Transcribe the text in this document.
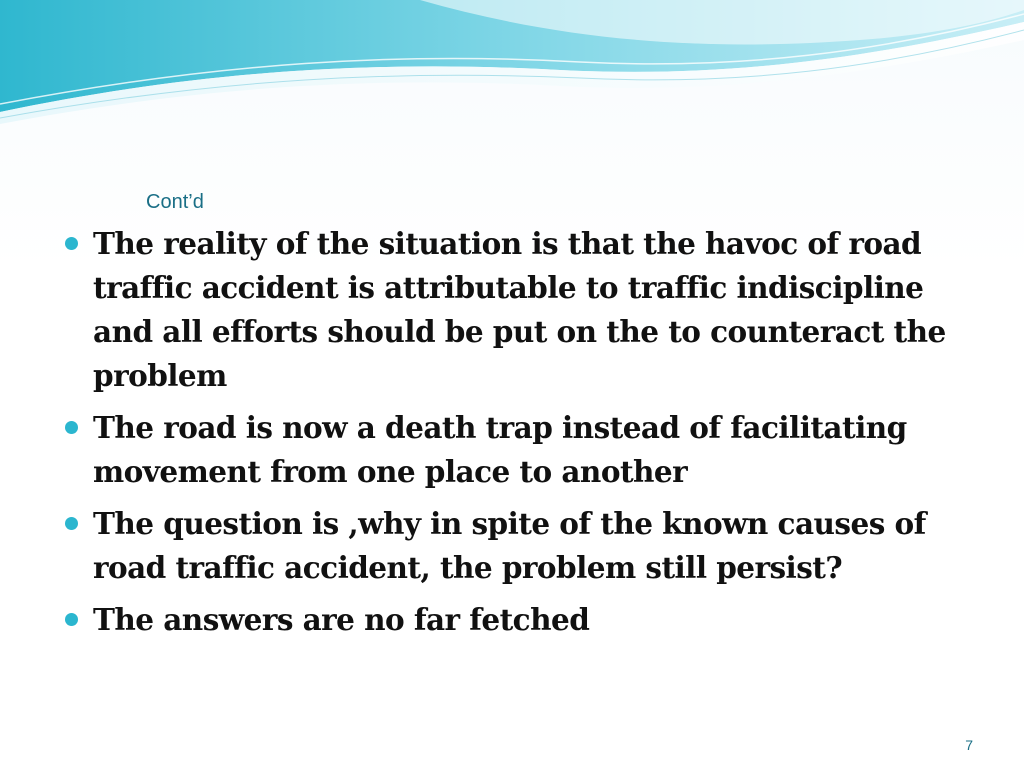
Cont’d
The reality of the situation is that the havoc of road traffic accident is attributable to traffic indiscipline and all efforts should be put on the to counteract the problem
The road is now a death trap instead of facilitating movement from one place to another
The question is ,why in spite of the known causes of road traffic accident, the problem still persist?
The answers are no far fetched
7
